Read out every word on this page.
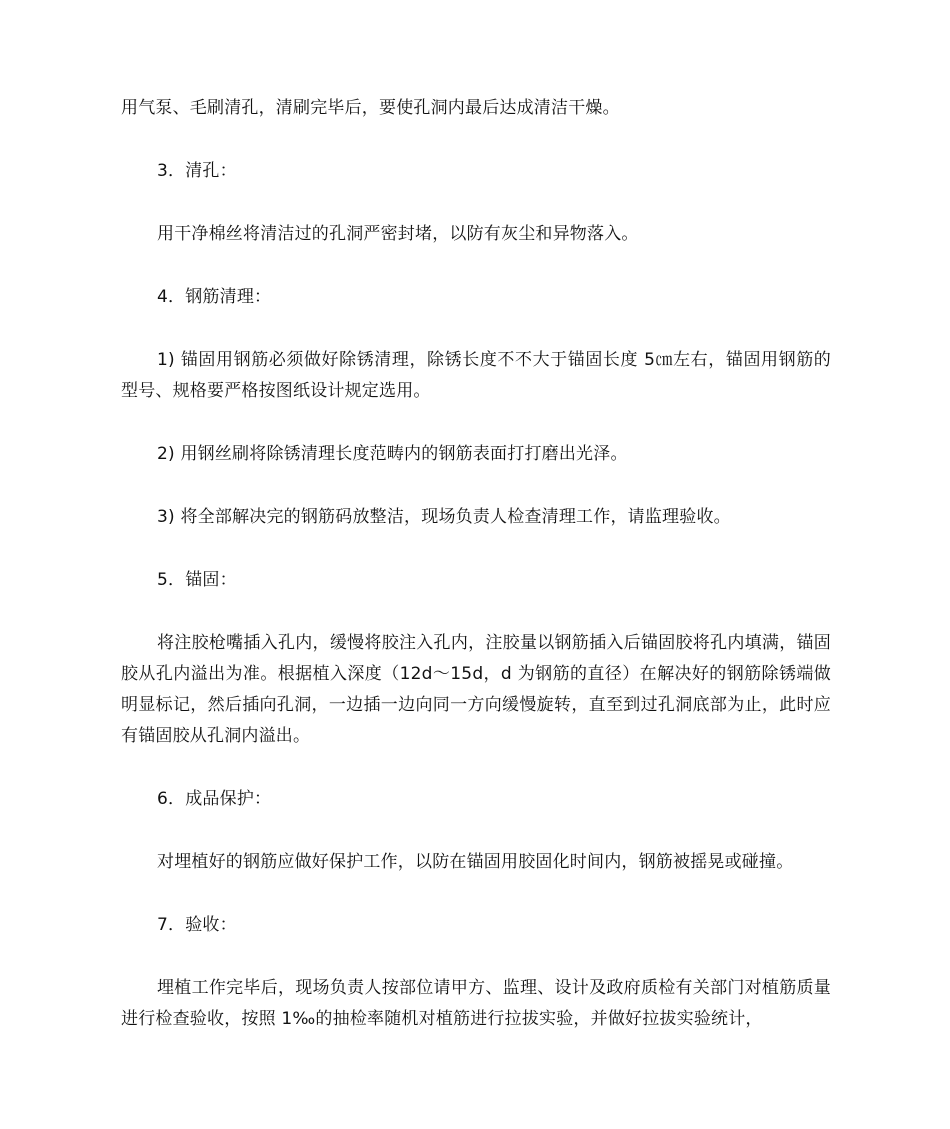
用气泵、毛刷清孔，清刷完毕后，要使孔洞内最后达成清洁干燥。

3．清孔：

用干净棉丝将清洁过的孔洞严密封堵，以防有灰尘和异物落入。

4．钢筋清理：

1) 锚固用钢筋必须做好除锈清理，除锈长度不不大于锚固长度 5㎝左右，锚固用钢筋的型号、规格要严格按图纸设计规定选用。

2) 用钢丝刷将除锈清理长度范畴内的钢筋表面打打磨出光泽。

3) 将全部解决完的钢筋码放整洁，现场负责人检查清理工作，请监理验收。

5．锚固：

将注胶枪嘴插入孔内，缓慢将胶注入孔内，注胶量以钢筋插入后锚固胶将孔内填满，锚固胶从孔内溢出为准。根据植入深度（12d～15d，d 为钢筋的直径）在解决好的钢筋除锈端做明显标记，然后插向孔洞，一边插一边向同一方向缓慢旋转，直至到过孔洞底部为止，此时应有锚固胶从孔洞内溢出。

6．成品保护：

对埋植好的钢筋应做好保护工作，以防在锚固用胶固化时间内，钢筋被摇晃或碰撞。

7．验收：

埋植工作完毕后，现场负责人按部位请甲方、监理、设计及政府质检有关部门对植筋质量进行检查验收，按照 1‰的抽检率随机对植筋进行拉拔实验，并做好拉拔实验统计，
